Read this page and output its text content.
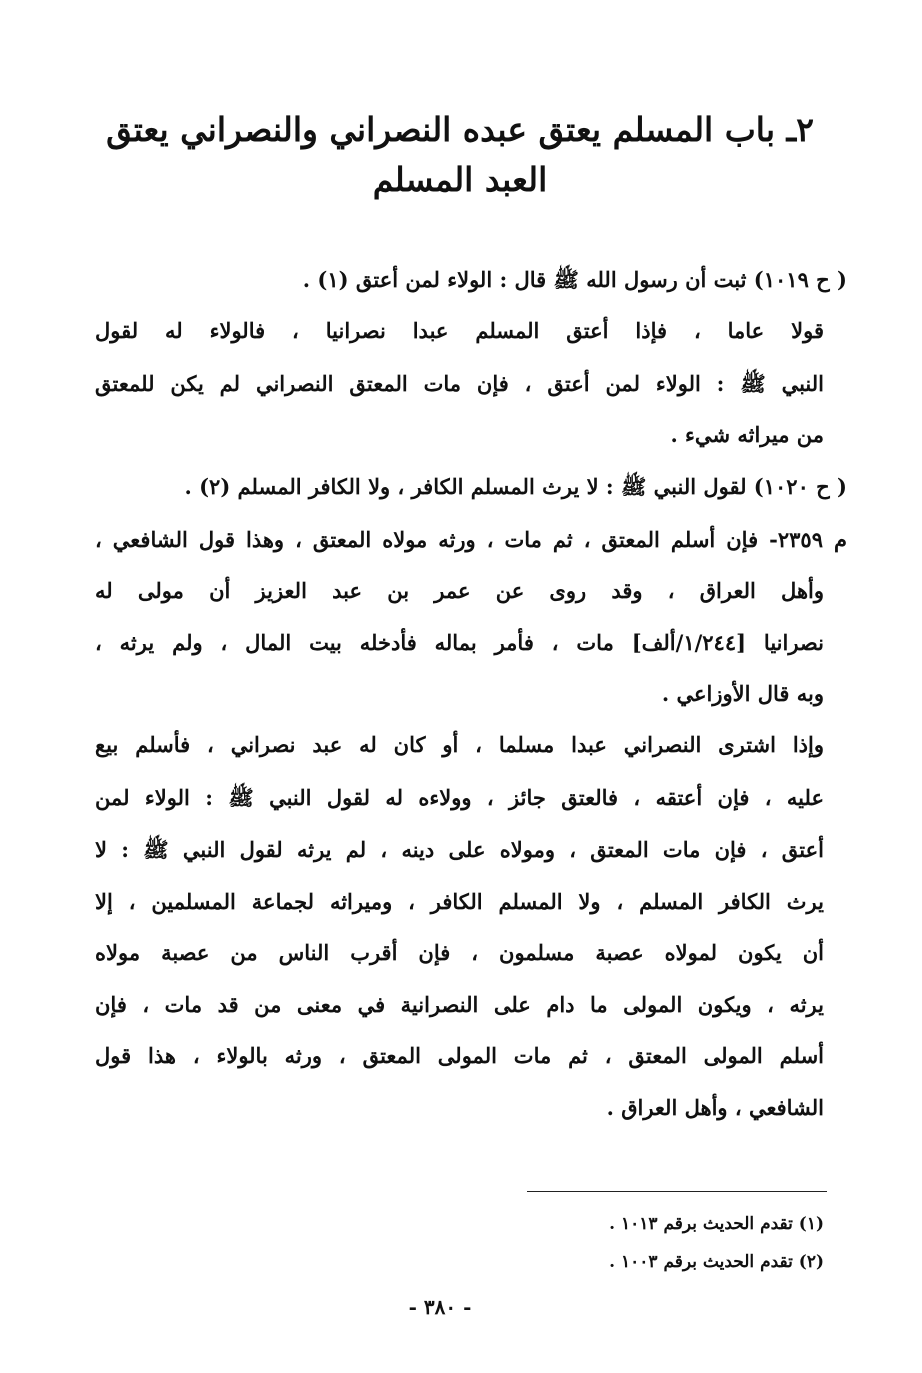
٢ـ باب المسلم يعتق عبده النصراني والنصراني يعتق
العبد المسلم

( ح ١٠١٩) ثبت أن رسول الله ﷺ قال : الولاء لمن أعتق (١) .

قولا عاما ، فإذا أعتق المسلم عبدا نصرانيا ، فالولاء له لقول

النبي ﷺ : الولاء لمن أعتق ، فإن مات المعتق النصراني لم يكن للمعتق

من ميراثه شيء .

( ح ١٠٢٠) لقول النبي ﷺ : لا يرث المسلم الكافر ، ولا الكافر المسلم (٢) .

م ٢٣٥٩- فإن أسلم المعتق ، ثم مات ، ورثه مولاه المعتق ، وهذا قول الشافعي ،

وأهل العراق ، وقد روى عن عمر بن عبد العزيز أن مولى له

نصرانيا [١/٢٤٤/ألف] مات ، فأمر بماله فأدخله بيت المال ، ولم يرثه ،

وبه قال الأوزاعي .

وإذا اشترى النصراني عبدا مسلما ، أو كان له عبد نصراني ، فأسلم بيع

عليه ، فإن أعتقه ، فالعتق جائز ، وولاءه له لقول النبي ﷺ : الولاء لمن

أعتق ، فإن مات المعتق ، ومولاه على دينه ، لم يرثه لقول النبي ﷺ : لا

يرث الكافر المسلم ، ولا المسلم الكافر ، وميراثه لجماعة المسلمين ، إلا

أن يكون لمولاه عصبة مسلمون ، فإن أقرب الناس من عصبة مولاه

يرثه ، ويكون المولى ما دام على النصرانية في معنى من قد مات ، فإن

أسلم المولى المعتق ، ثم مات المولى المعتق ، ورثه بالولاء ، هذا قول

الشافعي ، وأهل العراق .

(١) تقدم الحديث برقم ١٠١٣ .
(٢) تقدم الحديث برقم ١٠٠٣ .
- ٣٨٠ -
